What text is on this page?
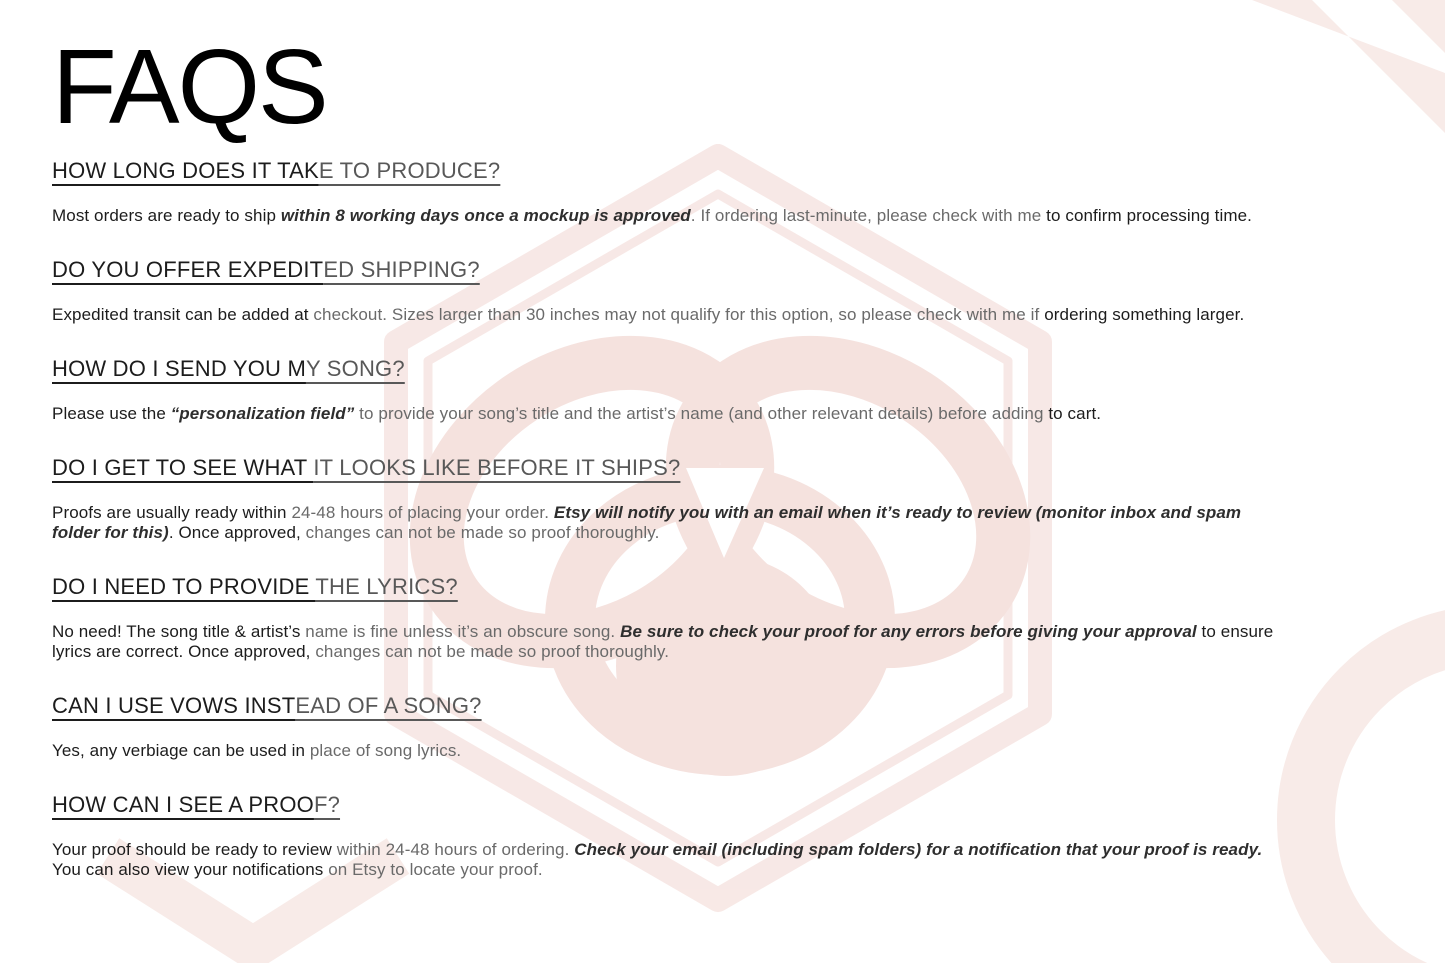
FAQS
HOW LONG DOES IT TAKE TO PRODUCE?
Most orders are ready to ship within 8 working days once a mockup is approved. If ordering last-minute, please check with me to confirm processing time.
DO YOU OFFER EXPEDITED SHIPPING?
Expedited transit can be added at checkout. Sizes larger than 30 inches may not qualify for this option, so please check with me if ordering something larger.
HOW DO I SEND YOU MY SONG?
Please use the “personalization field” to provide your song’s title and the artist’s name (and other relevant details) before adding to cart.
DO I GET TO SEE WHAT IT LOOKS LIKE BEFORE IT SHIPS?
Proofs are usually ready within 24-48 hours of placing your order. Etsy will notify you with an email when it’s ready to review (monitor inbox and spam
folder for this). Once approved, changes can not be made so proof thoroughly.
DO I NEED TO PROVIDE THE LYRICS?
No need! The song title & artist’s name is fine unless it’s an obscure song. Be sure to check your proof for any errors before giving your approval to ensure
lyrics are correct. Once approved, changes can not be made so proof thoroughly.
CAN I USE VOWS INSTEAD OF A SONG?
Yes, any verbiage can be used in place of song lyrics.
HOW CAN I SEE A PROOF?
Your proof should be ready to review within 24-48 hours of ordering. Check your email (including spam folders) for a notification that your proof is ready.
You can also view your notifications on Etsy to locate your proof.
